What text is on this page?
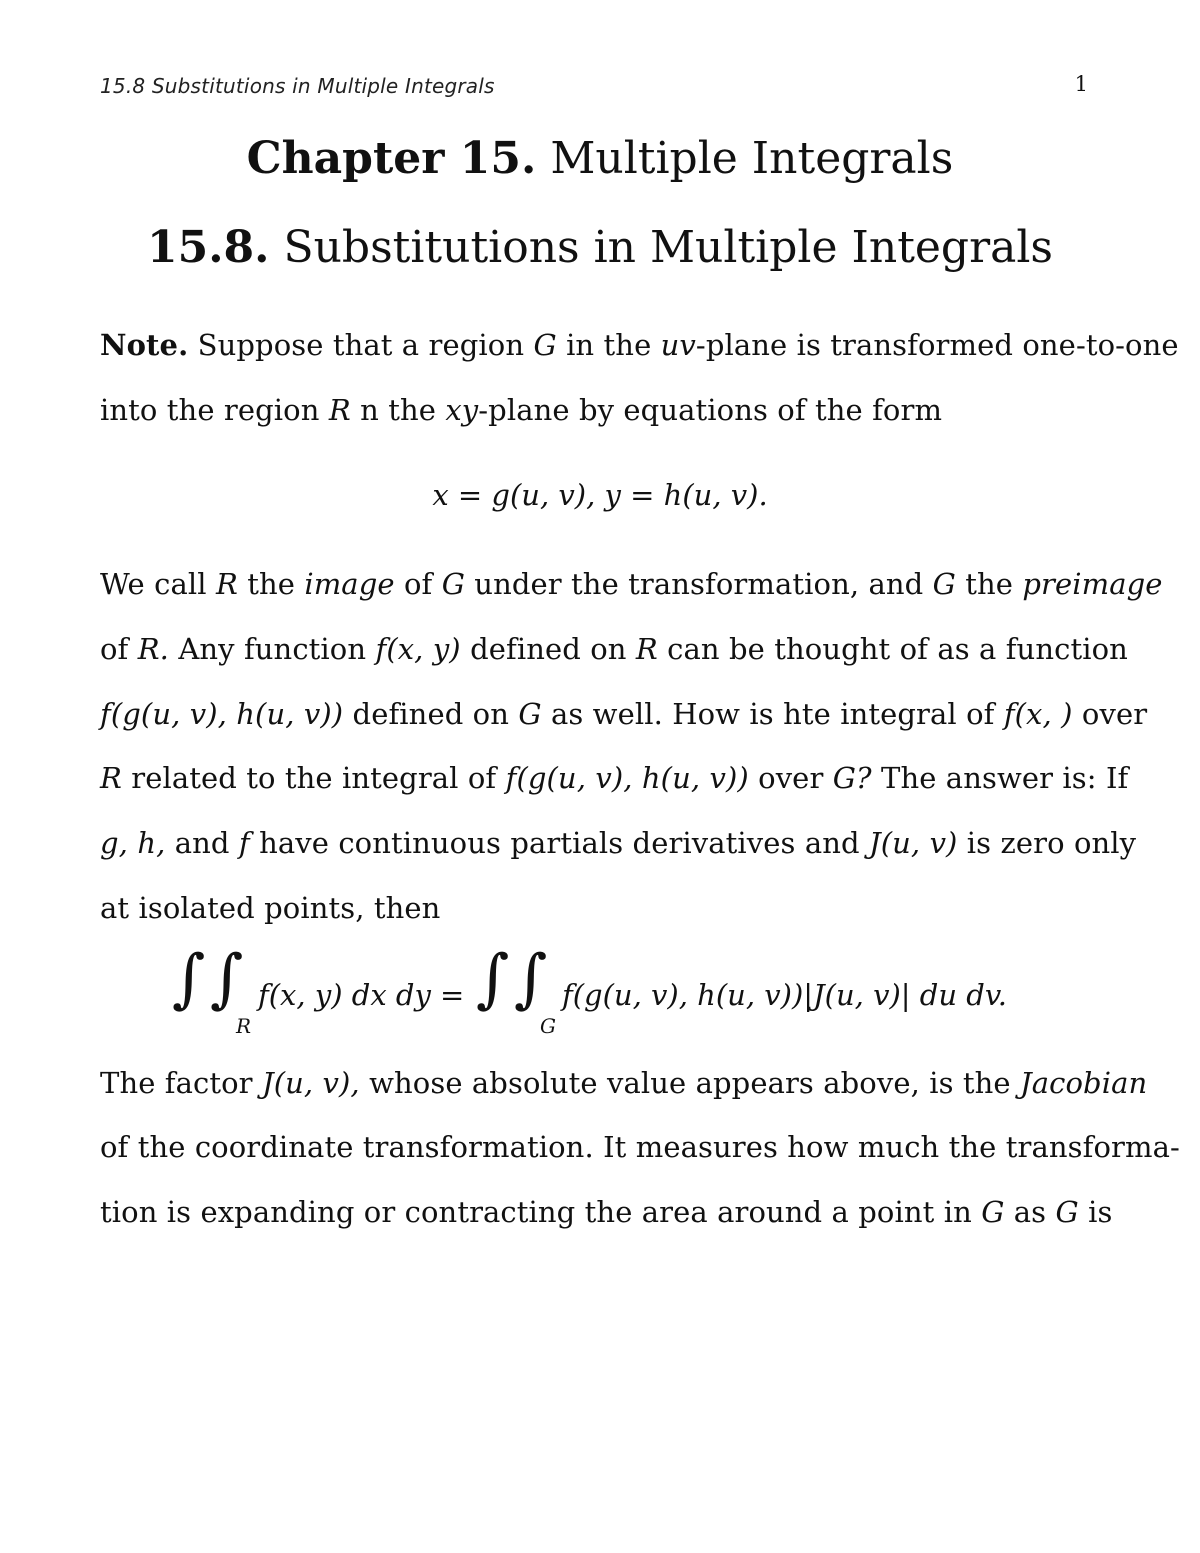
15.8 Substitutions in Multiple Integrals	1
Chapter 15. Multiple Integrals
15.8. Substitutions in Multiple Integrals
Note. Suppose that a region G in the uv-plane is transformed one-to-one
into the region R n the xy-plane by equations of the form
x = g(u, v), y = h(u, v).
We call R the image of G under the transformation, and G the preimage
of R. Any function f(x, y) defined on R can be thought of as a function
f(g(u, v), h(u, v)) defined on G as well. How is hte integral of f(x, ) over
R related to the integral of f(g(u, v), h(u, v)) over G? The answer is: If
g, h, and f have continuous partials derivatives and J(u, v) is zero only
at isolated points, then
∫ ∫
R
f(x, y) dx dy = ∫ ∫
G
f(g(u, v), h(u, v))|J(u, v)| du dv.
The factor J(u, v), whose absolute value appears above, is the Jacobian
of the coordinate transformation. It measures how much the transforma-
tion is expanding or contracting the area around a point in G as G is
